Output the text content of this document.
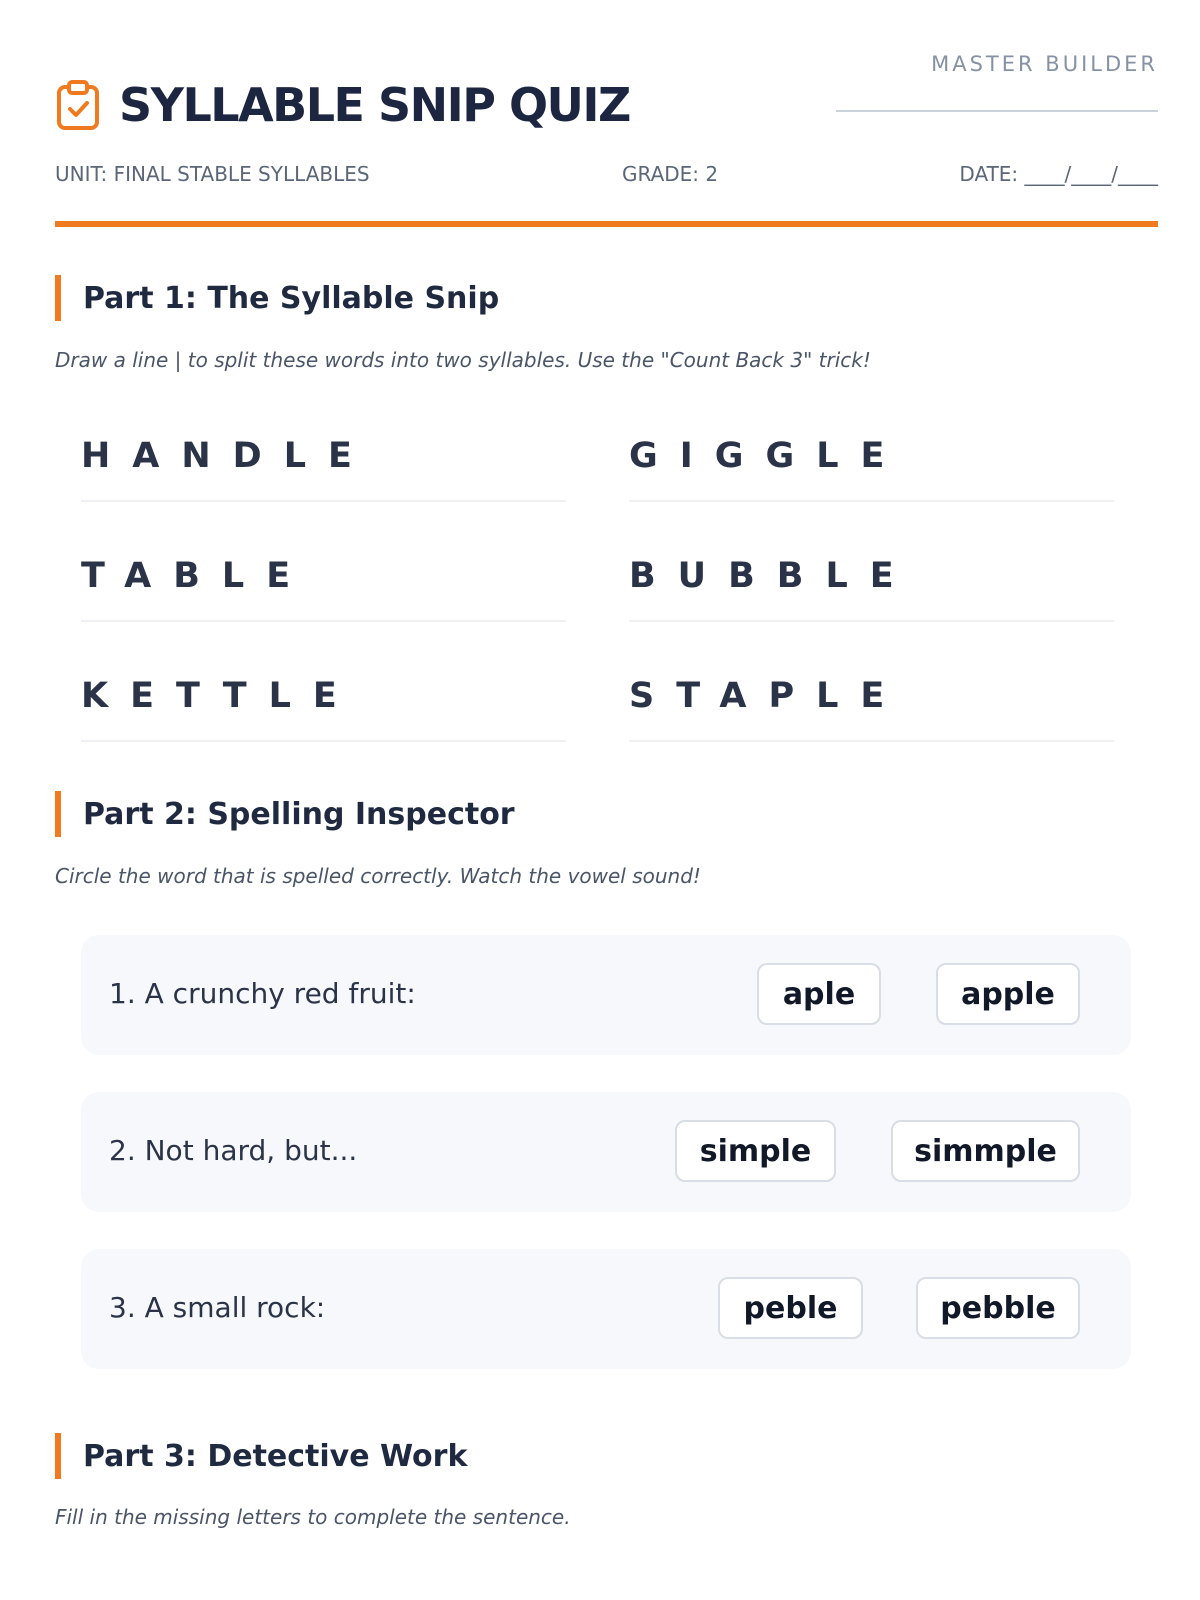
SYLLABLE SNIP QUIZ
MASTER BUILDER
UNIT: FINAL STABLE SYLLABLES	GRADE: 2	DATE: ____/____/____
Part 1: The Syllable Snip
Draw a line | to split these words into two syllables. Use the "Count Back 3" trick!
HANDLE	GIGGLE
TABLE	BUBBLE
KETTLE	STAPLE
Part 2: Spelling Inspector
Circle the word that is spelled correctly. Watch the vowel sound!
1. A crunchy red fruit:	aple	apple
2. Not hard, but...	simple	simmple
3. A small rock:	peble	pebble
Part 3: Detective Work
Fill in the missing letters to complete the sentence.
